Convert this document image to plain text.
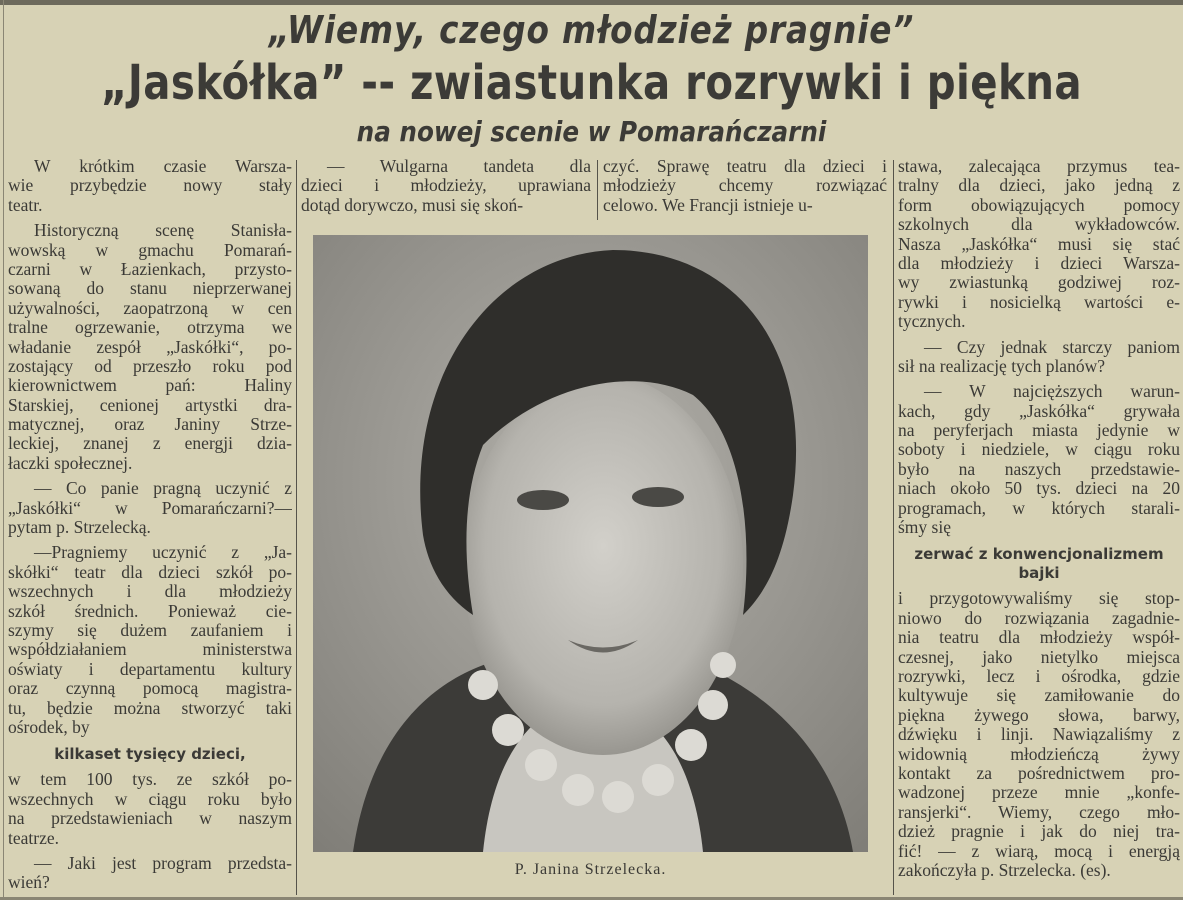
„Wiemy, czego młodzież pragnie”
„Jaskółka” -- zwiastunka rozrywki i piękna
na nowej scenie w Pomarańczarni
W krótkim czasie Warsza-
wie przybędzie nowy stały
teatr.
Historyczną scenę Stanisła-
wowską w gmachu Pomarań-
czarni w Łazienkach, przysto-
sowaną do stanu nieprzerwanej
używalności, zaopatrzoną w cen
tralne ogrzewanie, otrzyma we
władanie zespół „Jaskółki“, po-
zostający od przeszło roku pod
kierownictwem pań: Haliny
Starskiej, cenionej artystki dra-
matycznej, oraz Janiny Strze-
leckiej, znanej z energji dzia-
łaczki społecznej.
— Co panie pragną uczynić z
„Jaskółki“ w Pomarańczarni?—
pytam p. Strzelecką.
—Pragniemy uczynić z „Ja-
skółki“ teatr dla dzieci szkół po-
wszechnych i dla młodzieży
szkół średnich. Ponieważ cie-
szymy się dużem zaufaniem i
współdziałaniem ministerstwa
oświaty i departamentu kultury
oraz czynną pomocą magistra-
tu, będzie można stworzyć taki
ośrodek, by
kilkaset tysięcy dzieci,
w tem 100 tys. ze szkół po-
wszechnych w ciągu roku było
na przedstawieniach w naszym
teatrze.
— Jaki jest program przedsta-
wień?
— Wulgarna tandeta dla
dzieci i młodzieży, uprawiana
dotąd dorywczo, musi się skoń-
czyć. Sprawę teatru dla dzieci i
młodzieży chcemy rozwiązać
celowo. We Francji istnieje u-
stawa, zalecająca przymus tea-
tralny dla dzieci, jako jedną z
form obowiązujących pomocy
szkolnych dla wykładowców.
Nasza „Jaskółka“ musi się stać
dla młodzieży i dzieci Warsza-
wy zwiastunką godziwej roz-
rywki i nosicielką wartości e-
tycznych.
— Czy jednak starczy paniom
sił na realizację tych planów?
— W najcięższych warun-
kach, gdy „Jaskółka“ grywała
na peryferjach miasta jedynie w
soboty i niedziele, w ciągu roku
było na naszych przedstawie-
niach około 50 tys. dzieci na 20
programach, w których starali-
śmy się
zerwać z konwencjonalizmem bajki
i przygotowywaliśmy się stop-
niowo do rozwiązania zagadnie-
nia teatru dla młodzieży współ-
czesnej, jako nietylko miejsca
rozrywki, lecz i ośrodka, gdzie
kultywuje się zamiłowanie do
piękna żywego słowa, barwy,
dźwięku i linji. Nawiązaliśmy z
widownią młodzieńczą żywy
kontakt za pośrednictwem pro-
wadzonej przeze mnie „konfe-
ransjerki“. Wiemy, czego mło-
dzież pragnie i jak do niej tra-
fić! — z wiarą, mocą i energją
zakończyła p. Strzelecka. (es).
P. Janina Strzelecka.
